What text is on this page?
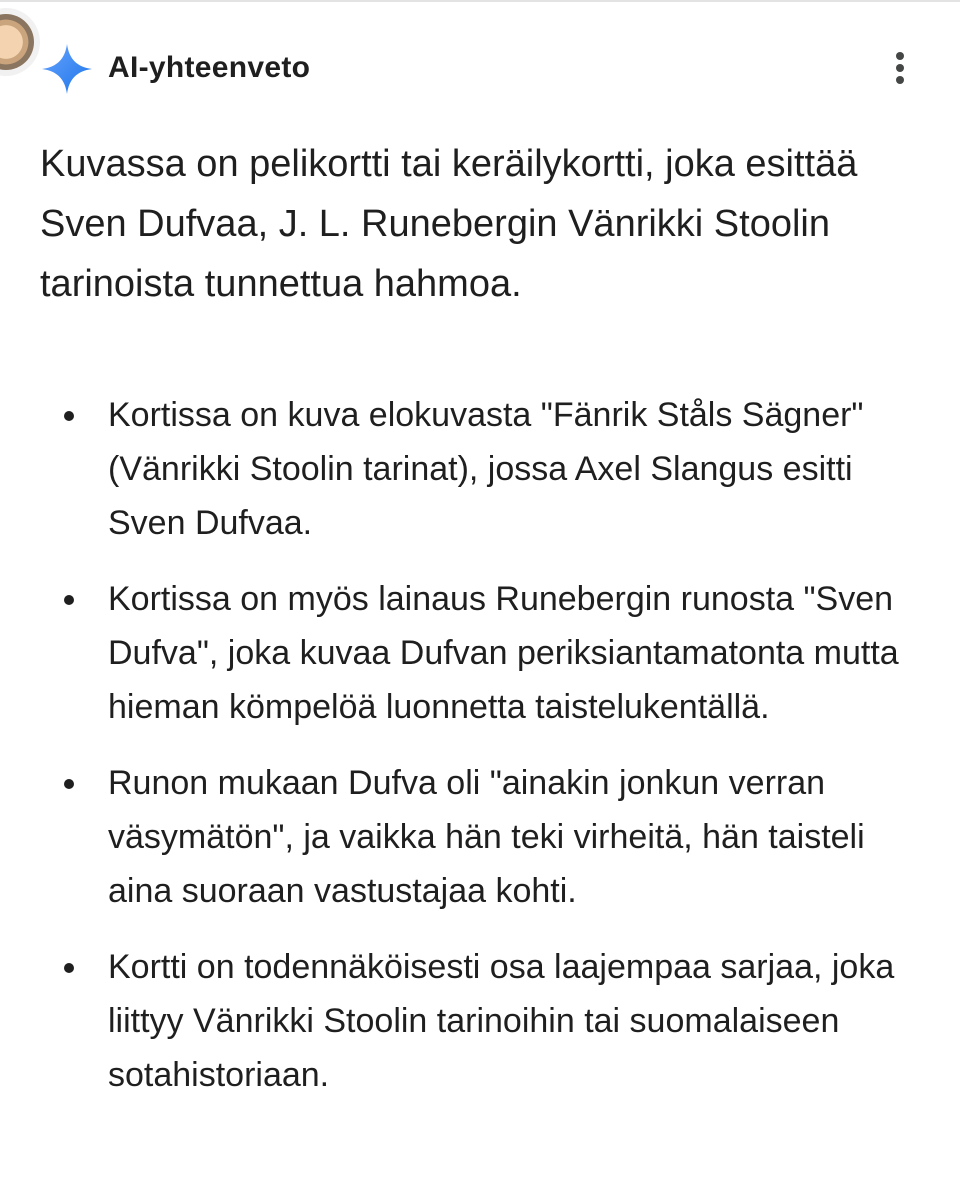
AI-yhteenveto

Kuvassa on pelikortti tai keräilykortti, joka esittää Sven Dufvaa, J. L. Runebergin Vänrikki Stoolin tarinoista tunnettua hahmoa.

Kortissa on kuva elokuvasta "Fänrik Ståls Sägner" (Vänrikki Stoolin tarinat), jossa Axel Slangus esitti Sven Dufvaa.
Kortissa on myös lainaus Runebergin runosta "Sven Dufva", joka kuvaa Dufvan periksiantamatonta mutta hieman kömpelöä luonnetta taistelukentällä.
Runon mukaan Dufva oli "ainakin jonkun verran väsymätön", ja vaikka hän teki virheitä, hän taisteli aina suoraan vastustajaa kohti.
Kortti on todennäköisesti osa laajempaa sarjaa, joka liittyy Vänrikki Stoolin tarinoihin tai suomalaiseen sotahistoriaan.
